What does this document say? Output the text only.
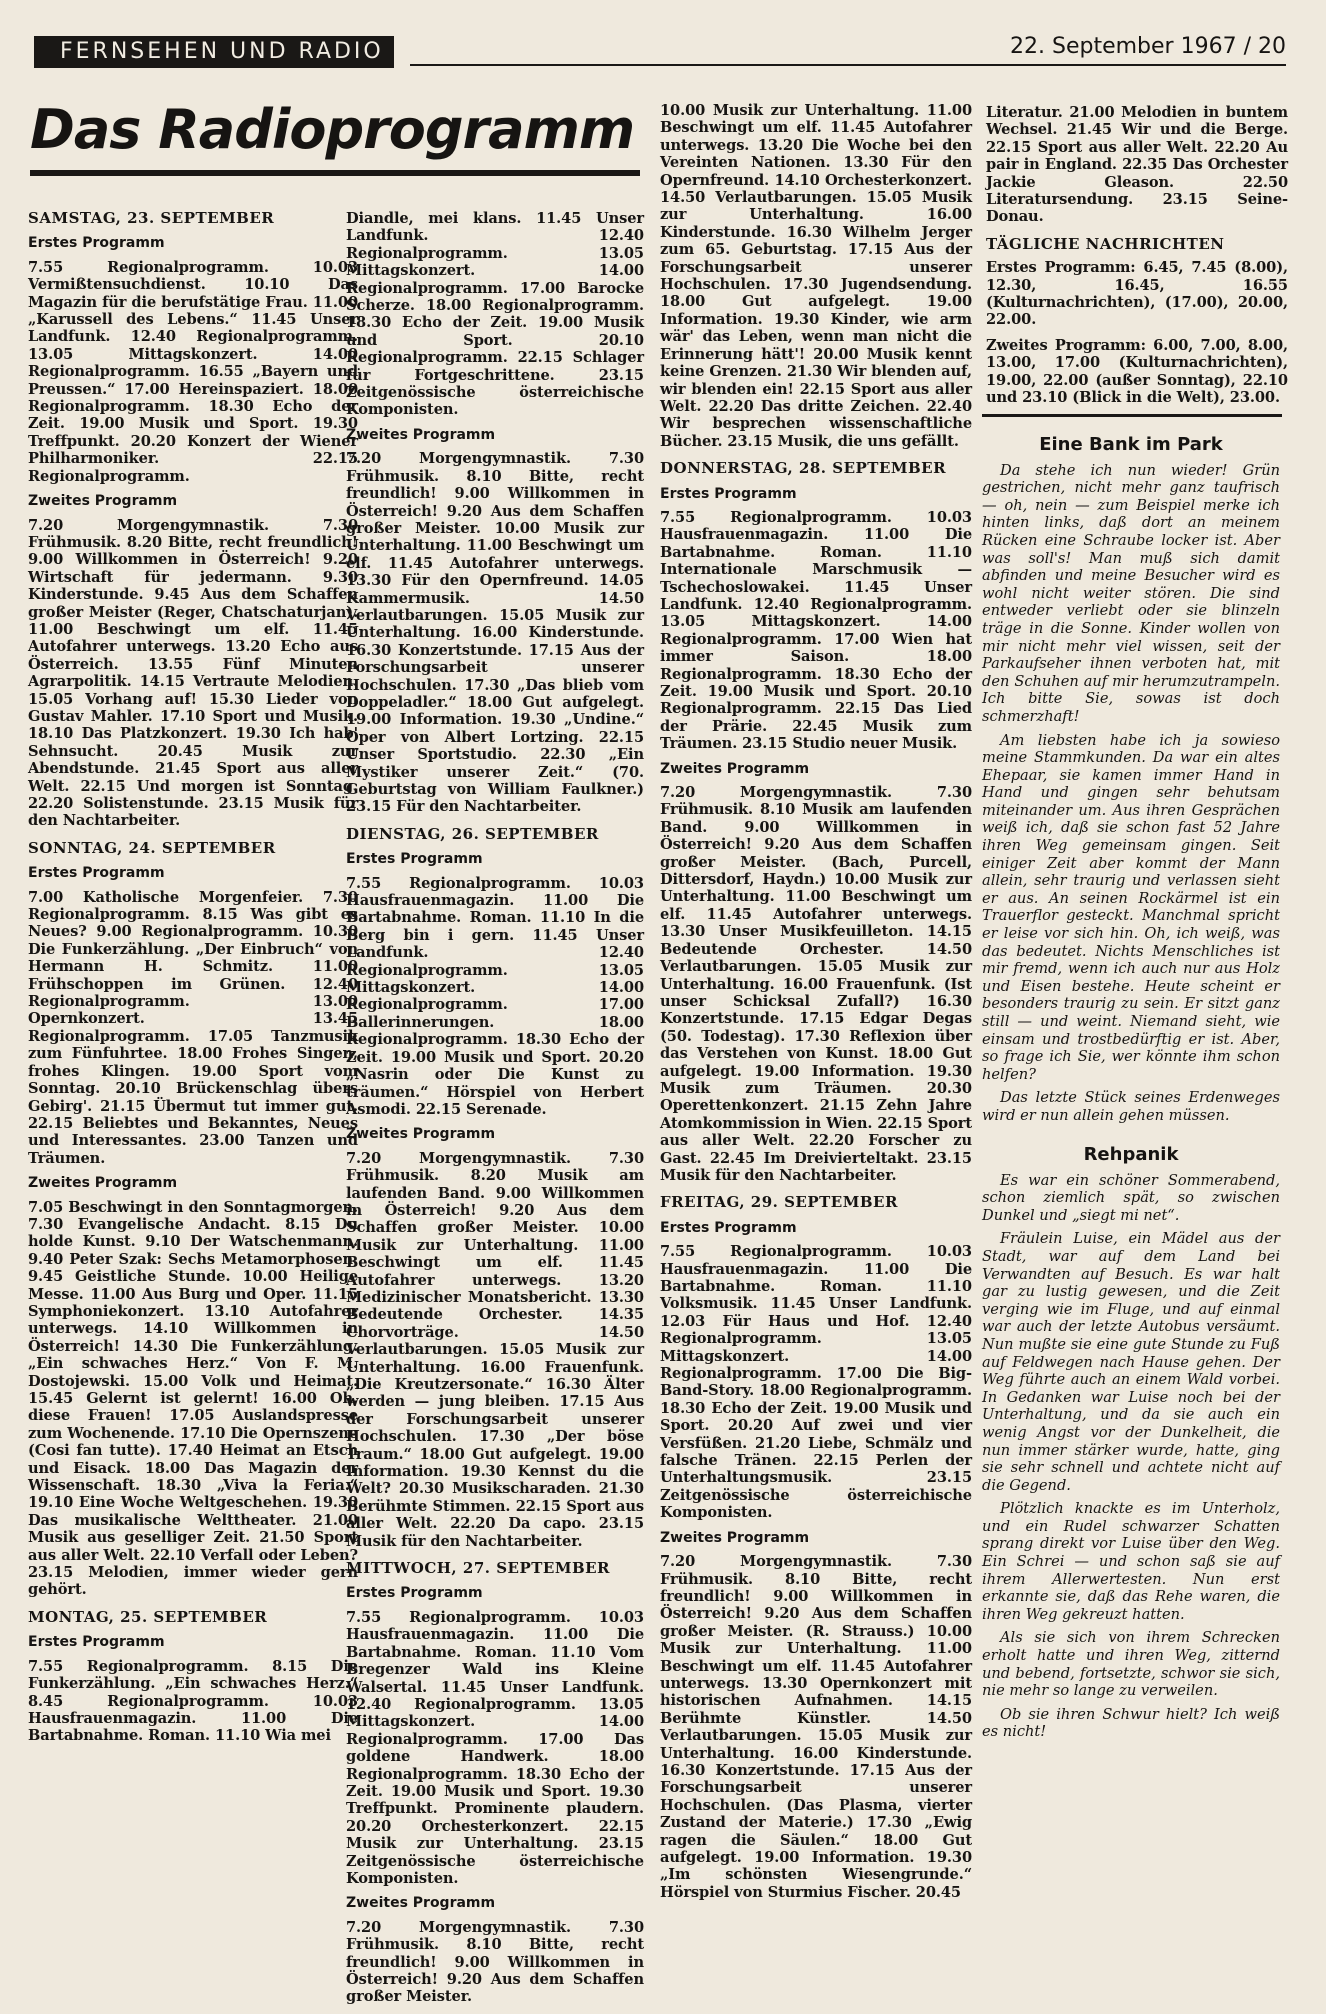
FERNSEHEN UND RADIO	22. September 1967 / 20
Das Radioprogramm
SAMSTAG, 23. SEPTEMBER
Erstes Programm

7.55 Regionalprogramm. 10.03 Vermißtensuchdienst. 10.10 Das Magazin für die berufstätige Frau. 11.00 „Karussell des Lebens.“ 11.45 Unser Landfunk. 12.40 Regionalprogramm. 13.05 Mittagskonzert. 14.00 Regionalprogramm. 16.55 „Bayern und Preussen.“ 17.00 Hereinspaziert. 18.00 Regionalprogramm. 18.30 Echo der Zeit. 19.00 Musik und Sport. 19.30 Treffpunkt. 20.20 Konzert der Wiener Philharmoniker. 22.15 Regionalprogramm.

Zweites Programm

7.20 Morgengymnastik. 7.30 Frühmusik. 8.20 Bitte, recht freundlich! 9.00 Willkommen in Österreich! 9.20 Wirtschaft für jedermann. 9.30 Kinderstunde. 9.45 Aus dem Schaffen großer Meister (Reger, Chatschaturjan). 11.00 Beschwingt um elf. 11.45 Autofahrer unterwegs. 13.20 Echo aus Österreich. 13.55 Fünf Minuten Agrarpolitik. 14.15 Vertraute Melodien. 15.05 Vorhang auf! 15.30 Lieder von Gustav Mahler. 17.10 Sport und Musik. 18.10 Das Platzkonzert. 19.30 Ich hab' Sehnsucht. 20.45 Musik zur Abendstunde. 21.45 Sport aus aller Welt. 22.15 Und morgen ist Sonntag. 22.20 Solistenstunde. 23.15 Musik für den Nachtarbeiter.

SONNTAG, 24. SEPTEMBER
Erstes Programm

7.00 Katholische Morgenfeier. 7.30 Regionalprogramm. 8.15 Was gibt es Neues? 9.00 Regionalprogramm. 10.30 Die Funkerzählung. „Der Einbruch“ von Hermann H. Schmitz. 11.00 Frühschoppen im Grünen. 12.40 Regionalprogramm. 13.00 Opernkonzert. 13.45 Regionalprogramm. 17.05 Tanzmusik zum Fünfuhrtee. 18.00 Frohes Singen, frohes Klingen. 19.00 Sport vom Sonntag. 20.10 Brückenschlag übers Gebirg'. 21.15 Übermut tut immer gut. 22.15 Beliebtes und Bekanntes, Neues und Interessantes. 23.00 Tanzen und Träumen.

Zweites Programm

7.05 Beschwingt in den Sonntagmorgen. 7.30 Evangelische Andacht. 8.15 Du holde Kunst. 9.10 Der Watschenmann. 9.40 Peter Szak: Sechs Metamorphosen. 9.45 Geistliche Stunde. 10.00 Heilige Messe. 11.00 Aus Burg und Oper. 11.15 Symphoniekonzert. 13.10 Autofahrer unterwegs. 14.10 Willkommen in Österreich! 14.30 Die Funkerzählung. „Ein schwaches Herz.“ Von F. M. Dostojewski. 15.00 Volk und Heimat. 15.45 Gelernt ist gelernt! 16.00 Oh, diese Frauen! 17.05 Auslandspresse zum Wochenende. 17.10 Die Opernszene (Cosi fan tutte). 17.40 Heimat an Etsch und Eisack. 18.00 Das Magazin der Wissenschaft. 18.30 „Viva la Feria.“ 19.10 Eine Woche Weltgeschehen. 19.30 Das musikalische Welttheater. 21.00 Musik aus geselliger Zeit. 21.50 Sport aus aller Welt. 22.10 Verfall oder Leben? 23.15 Melodien, immer wieder gern gehört.

MONTAG, 25. SEPTEMBER
Erstes Programm

7.55 Regionalprogramm. 8.15 Die Funkerzählung. „Ein schwaches Herz.“ 8.45 Regionalprogramm. 10.03 Hausfrauenmagazin. 11.00 Die Bartabnahme. Roman. 11.10 Wia mei

Diandle, mei klans. 11.45 Unser Landfunk. 12.40 Regionalprogramm. 13.05 Mittagskonzert. 14.00 Regionalprogramm. 17.00 Barocke Scherze. 18.00 Regionalprogramm. 18.30 Echo der Zeit. 19.00 Musik und Sport. 20.10 Regionalprogramm. 22.15 Schlager für Fortgeschrittene. 23.15 Zeitgenössische österreichische Komponisten.

Zweites Programm

7.20 Morgengymnastik. 7.30 Frühmusik. 8.10 Bitte, recht freundlich! 9.00 Willkommen in Österreich! 9.20 Aus dem Schaffen großer Meister. 10.00 Musik zur Unterhaltung. 11.00 Beschwingt um elf. 11.45 Autofahrer unterwegs. 13.30 Für den Opernfreund. 14.05 Kammermusik. 14.50 Verlautbarungen. 15.05 Musik zur Unterhaltung. 16.00 Kinderstunde. 16.30 Konzertstunde. 17.15 Aus der Forschungsarbeit unserer Hochschulen. 17.30 „Das blieb vom Doppeladler.“ 18.00 Gut aufgelegt. 19.00 Information. 19.30 „Undine.“ Oper von Albert Lortzing. 22.15 Unser Sportstudio. 22.30 „Ein Mystiker unserer Zeit.“ (70. Geburtstag von William Faulkner.) 23.15 Für den Nachtarbeiter.

DIENSTAG, 26. SEPTEMBER
Erstes Programm

7.55 Regionalprogramm. 10.03 Hausfrauenmagazin. 11.00 Die Bartabnahme. Roman. 11.10 In die Berg bin i gern. 11.45 Unser Landfunk. 12.40 Regionalprogramm. 13.05 Mittagskonzert. 14.00 Regionalprogramm. 17.00 Ballerinnerungen. 18.00 Regionalprogramm. 18.30 Echo der Zeit. 19.00 Musik und Sport. 20.20 „Nasrin oder Die Kunst zu träumen.“ Hörspiel von Herbert Asmodi. 22.15 Serenade.

Zweites Programm

7.20 Morgengymnastik. 7.30 Frühmusik. 8.20 Musik am laufenden Band. 9.00 Willkommen in Österreich! 9.20 Aus dem Schaffen großer Meister. 10.00 Musik zur Unterhaltung. 11.00 Beschwingt um elf. 11.45 Autofahrer unterwegs. 13.20 Medizinischer Monatsbericht. 13.30 Bedeutende Orchester. 14.35 Chorvorträge. 14.50 Verlautbarungen. 15.05 Musik zur Unterhaltung. 16.00 Frauenfunk. „Die Kreutzersonate.“ 16.30 Älter werden — jung bleiben. 17.15 Aus der Forschungsarbeit unserer Hochschulen. 17.30 „Der böse Traum.“ 18.00 Gut aufgelegt. 19.00 Information. 19.30 Kennst du die Welt? 20.30 Musikscharaden. 21.30 Berühmte Stimmen. 22.15 Sport aus aller Welt. 22.20 Da capo. 23.15 Musik für den Nachtarbeiter.

MITTWOCH, 27. SEPTEMBER
Erstes Programm

7.55 Regionalprogramm. 10.03 Hausfrauenmagazin. 11.00 Die Bartabnahme. Roman. 11.10 Vom Bregenzer Wald ins Kleine Walsertal. 11.45 Unser Landfunk. 12.40 Regionalprogramm. 13.05 Mittagskonzert. 14.00 Regionalprogramm. 17.00 Das goldene Handwerk. 18.00 Regionalprogramm. 18.30 Echo der Zeit. 19.00 Musik und Sport. 19.30 Treffpunkt. Prominente plaudern. 20.20 Orchesterkonzert. 22.15 Musik zur Unterhaltung. 23.15 Zeitgenössische österreichische Komponisten.

Zweites Programm

7.20 Morgengymnastik. 7.30 Frühmusik. 8.10 Bitte, recht freundlich! 9.00 Willkommen in Österreich! 9.20 Aus dem Schaffen großer Meister.

10.00 Musik zur Unterhaltung. 11.00 Beschwingt um elf. 11.45 Autofahrer unterwegs. 13.20 Die Woche bei den Vereinten Nationen. 13.30 Für den Opernfreund. 14.10 Orchesterkonzert. 14.50 Verlautbarungen. 15.05 Musik zur Unterhaltung. 16.00 Kinderstunde. 16.30 Wilhelm Jerger zum 65. Geburtstag. 17.15 Aus der Forschungsarbeit unserer Hochschulen. 17.30 Jugendsendung. 18.00 Gut aufgelegt. 19.00 Information. 19.30 Kinder, wie arm wär' das Leben, wenn man nicht die Erinnerung hätt'! 20.00 Musik kennt keine Grenzen. 21.30 Wir blenden auf, wir blenden ein! 22.15 Sport aus aller Welt. 22.20 Das dritte Zeichen. 22.40 Wir besprechen wissenschaftliche Bücher. 23.15 Musik, die uns gefällt.

DONNERSTAG, 28. SEPTEMBER
Erstes Programm

7.55 Regionalprogramm. 10.03 Hausfrauenmagazin. 11.00 Die Bartabnahme. Roman. 11.10 Internationale Marschmusik — Tschechoslowakei. 11.45 Unser Landfunk. 12.40 Regionalprogramm. 13.05 Mittagskonzert. 14.00 Regionalprogramm. 17.00 Wien hat immer Saison. 18.00 Regionalprogramm. 18.30 Echo der Zeit. 19.00 Musik und Sport. 20.10 Regionalprogramm. 22.15 Das Lied der Prärie. 22.45 Musik zum Träumen. 23.15 Studio neuer Musik.

Zweites Programm

7.20 Morgengymnastik. 7.30 Frühmusik. 8.10 Musik am laufenden Band. 9.00 Willkommen in Österreich! 9.20 Aus dem Schaffen großer Meister. (Bach, Purcell, Dittersdorf, Haydn.) 10.00 Musik zur Unterhaltung. 11.00 Beschwingt um elf. 11.45 Autofahrer unterwegs. 13.30 Unser Musikfeuilleton. 14.15 Bedeutende Orchester. 14.50 Verlautbarungen. 15.05 Musik zur Unterhaltung. 16.00 Frauenfunk. (Ist unser Schicksal Zufall?) 16.30 Konzertstunde. 17.15 Edgar Degas (50. Todestag). 17.30 Reflexion über das Verstehen von Kunst. 18.00 Gut aufgelegt. 19.00 Information. 19.30 Musik zum Träumen. 20.30 Operettenkonzert. 21.15 Zehn Jahre Atomkommission in Wien. 22.15 Sport aus aller Welt. 22.20 Forscher zu Gast. 22.45 Im Dreivierteltakt. 23.15 Musik für den Nachtarbeiter.

FREITAG, 29. SEPTEMBER
Erstes Programm

7.55 Regionalprogramm. 10.03 Hausfrauenmagazin. 11.00 Die Bartabnahme. Roman. 11.10 Volksmusik. 11.45 Unser Landfunk. 12.03 Für Haus und Hof. 12.40 Regionalprogramm. 13.05 Mittagskonzert. 14.00 Regionalprogramm. 17.00 Die Big-Band-Story. 18.00 Regionalprogramm. 18.30 Echo der Zeit. 19.00 Musik und Sport. 20.20 Auf zwei und vier Versfüßen. 21.20 Liebe, Schmälz und falsche Tränen. 22.15 Perlen der Unterhaltungsmusik. 23.15 Zeitgenössische österreichische Komponisten.

Zweites Programm

7.20 Morgengymnastik. 7.30 Frühmusik. 8.10 Bitte, recht freundlich! 9.00 Willkommen in Österreich! 9.20 Aus dem Schaffen großer Meister. (R. Strauss.) 10.00 Musik zur Unterhaltung. 11.00 Beschwingt um elf. 11.45 Autofahrer unterwegs. 13.30 Opernkonzert mit historischen Aufnahmen. 14.15 Berühmte Künstler. 14.50 Verlautbarungen. 15.05 Musik zur Unterhaltung. 16.00 Kinderstunde. 16.30 Konzertstunde. 17.15 Aus der Forschungsarbeit unserer Hochschulen. (Das Plasma, vierter Zustand der Materie.) 17.30 „Ewig ragen die Säulen.“ 18.00 Gut aufgelegt. 19.00 Information. 19.30 „Im schönsten Wiesengrunde.“ Hörspiel von Sturmius Fischer. 20.45

Literatur. 21.00 Melodien in buntem Wechsel. 21.45 Wir und die Berge. 22.15 Sport aus aller Welt. 22.20 Au pair in England. 22.35 Das Orchester Jackie Gleason. 22.50 Literatursendung. 23.15 Seine-Donau.

TÄGLICHE NACHRICHTEN

Erstes Programm: 6.45, 7.45 (8.00), 12.30, 16.45, 16.55 (Kulturnachrichten), (17.00), 20.00, 22.00.

Zweites Programm: 6.00, 7.00, 8.00, 13.00, 17.00 (Kulturnachrichten), 19.00, 22.00 (außer Sonntag), 22.10 und 23.10 (Blick in die Welt), 23.00.

Eine Bank im Park

Da stehe ich nun wieder! Grün gestrichen, nicht mehr ganz taufrisch — oh, nein — zum Beispiel merke ich hinten links, daß dort an meinem Rücken eine Schraube locker ist. Aber was soll's! Man muß sich damit abfinden und meine Besucher wird es wohl nicht weiter stören. Die sind entweder verliebt oder sie blinzeln träge in die Sonne. Kinder wollen von mir nicht mehr viel wissen, seit der Parkaufseher ihnen verboten hat, mit den Schuhen auf mir herumzutrampeln. Ich bitte Sie, sowas ist doch schmerzhaft!

Am liebsten habe ich ja sowieso meine Stammkunden. Da war ein altes Ehepaar, sie kamen immer Hand in Hand und gingen sehr behutsam miteinander um. Aus ihren Gesprächen weiß ich, daß sie schon fast 52 Jahre ihren Weg gemeinsam gingen. Seit einiger Zeit aber kommt der Mann allein, sehr traurig und verlassen sieht er aus. An seinen Rockärmel ist ein Trauerflor gesteckt. Manchmal spricht er leise vor sich hin. Oh, ich weiß, was das bedeutet. Nichts Menschliches ist mir fremd, wenn ich auch nur aus Holz und Eisen bestehe. Heute scheint er besonders traurig zu sein. Er sitzt ganz still — und weint. Niemand sieht, wie einsam und trostbedürftig er ist. Aber, so frage ich Sie, wer könnte ihm schon helfen?

Das letzte Stück seines Erdenweges wird er nun allein gehen müssen.

Rehpanik

Es war ein schöner Sommerabend, schon ziemlich spät, so zwischen Dunkel und „siegt mi net“.

Fräulein Luise, ein Mädel aus der Stadt, war auf dem Land bei Verwandten auf Besuch. Es war halt gar zu lustig gewesen, und die Zeit verging wie im Fluge, und auf einmal war auch der letzte Autobus versäumt. Nun mußte sie eine gute Stunde zu Fuß auf Feldwegen nach Hause gehen. Der Weg führte auch an einem Wald vorbei. In Gedanken war Luise noch bei der Unterhaltung, und da sie auch ein wenig Angst vor der Dunkelheit, die nun immer stärker wurde, hatte, ging sie sehr schnell und achtete nicht auf die Gegend.

Plötzlich knackte es im Unterholz, und ein Rudel schwarzer Schatten sprang direkt vor Luise über den Weg. Ein Schrei — und schon saß sie auf ihrem Allerwertesten. Nun erst erkannte sie, daß das Rehe waren, die ihren Weg gekreuzt hatten.

Als sie sich von ihrem Schrecken erholt hatte und ihren Weg, zitternd und bebend, fortsetzte, schwor sie sich, nie mehr so lange zu verweilen.

Ob sie ihren Schwur hielt? Ich weiß es nicht!
